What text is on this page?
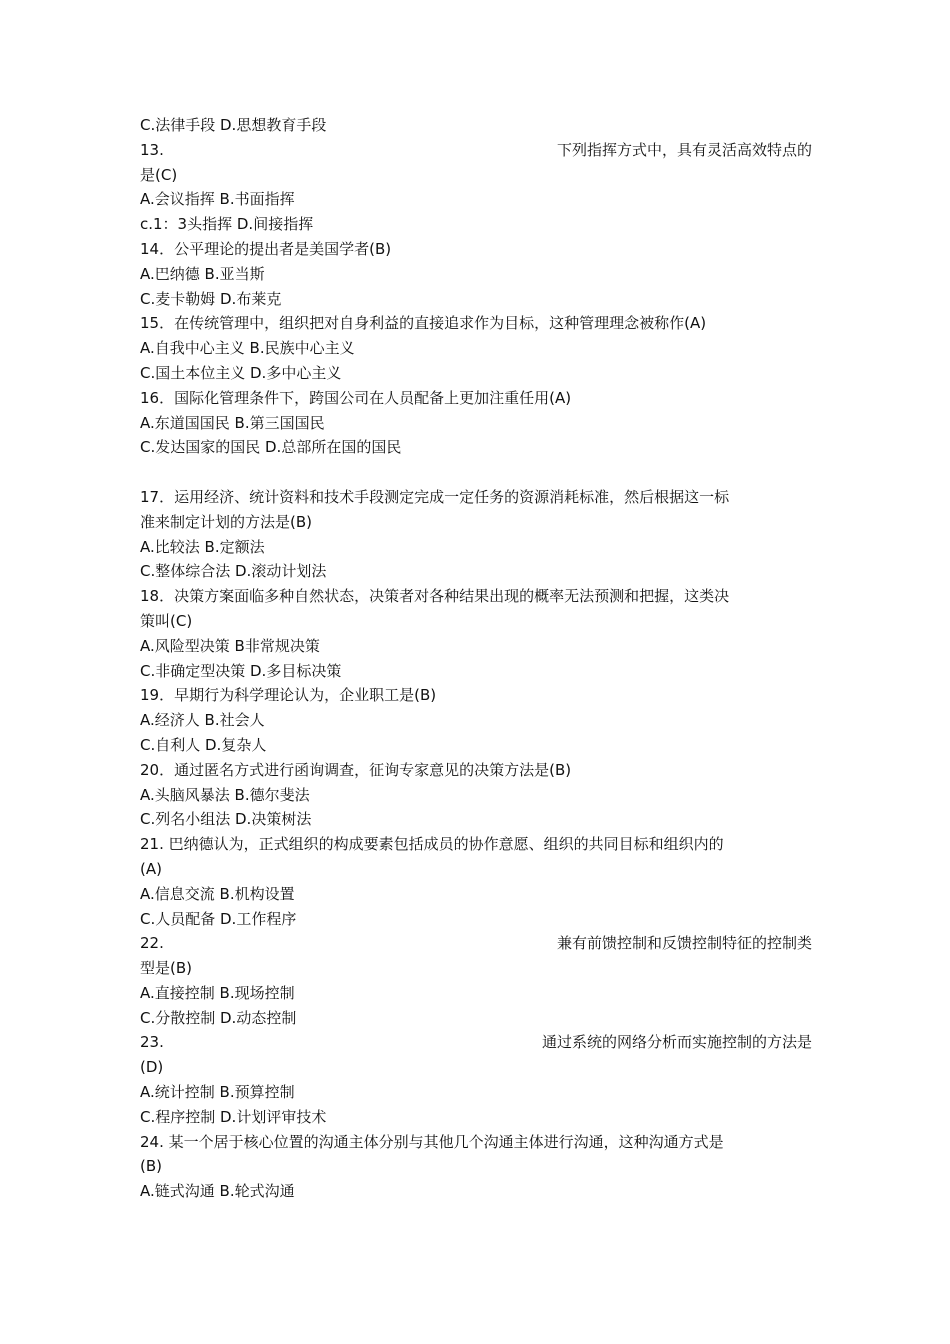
C.法律手段 D.思想教育手段
13.	下列指挥方式中，具有灵活高效特点的
是(C)
A.会议指挥 B.书面指挥
c.1：3头指挥 D.间接指挥
14．公平理论的提出者是美国学者(B)
A.巴纳德 B.亚当斯
C.麦卡勒姆 D.布莱克
15．在传统管理中，组织把对自身利益的直接追求作为目标，这种管理理念被称作(A)
A.自我中心主义 B.民族中心主义
C.国土本位主义 D.多中心主义
16．国际化管理条件下，跨国公司在人员配备上更加注重任用(A)
A.东道国国民 B.第三国国民
C.发达国家的国民 D.总部所在国的国民
17．运用经济、统计资料和技术手段测定完成一定任务的资源消耗标准，然后根据这一标
准来制定计划的方法是(B)
A.比较法 B.定额法
C.整体综合法 D.滚动计划法
18．决策方案面临多种自然状态，决策者对各种结果出现的概率无法预测和把握，这类决
策叫(C)
A.风险型决策 B非常规决策
C.非确定型决策 D.多目标决策
19．早期行为科学理论认为，企业职工是(B)
A.经济人 B.社会人
C.自利人 D.复杂人
20．通过匿名方式进行函询调查，征询专家意见的决策方法是(B)
A.头脑风暴法 B.德尔斐法
C.列名小组法 D.决策树法
21. 巴纳德认为，正式组织的构成要素包括成员的协作意愿、组织的共同目标和组织内的
(A)
A.信息交流 B.机构设置
C.人员配备 D.工作程序
22.	兼有前馈控制和反馈控制特征的控制类
型是(B)
A.直接控制 B.现场控制
C.分散控制 D.动态控制
23.	通过系统的网络分析而实施控制的方法是
(D)
A.统计控制 B.预算控制
C.程序控制 D.计划评审技术
24. 某一个居于核心位置的沟通主体分别与其他几个沟通主体进行沟通，这种沟通方式是
(B)
A.链式沟通 B.轮式沟通
